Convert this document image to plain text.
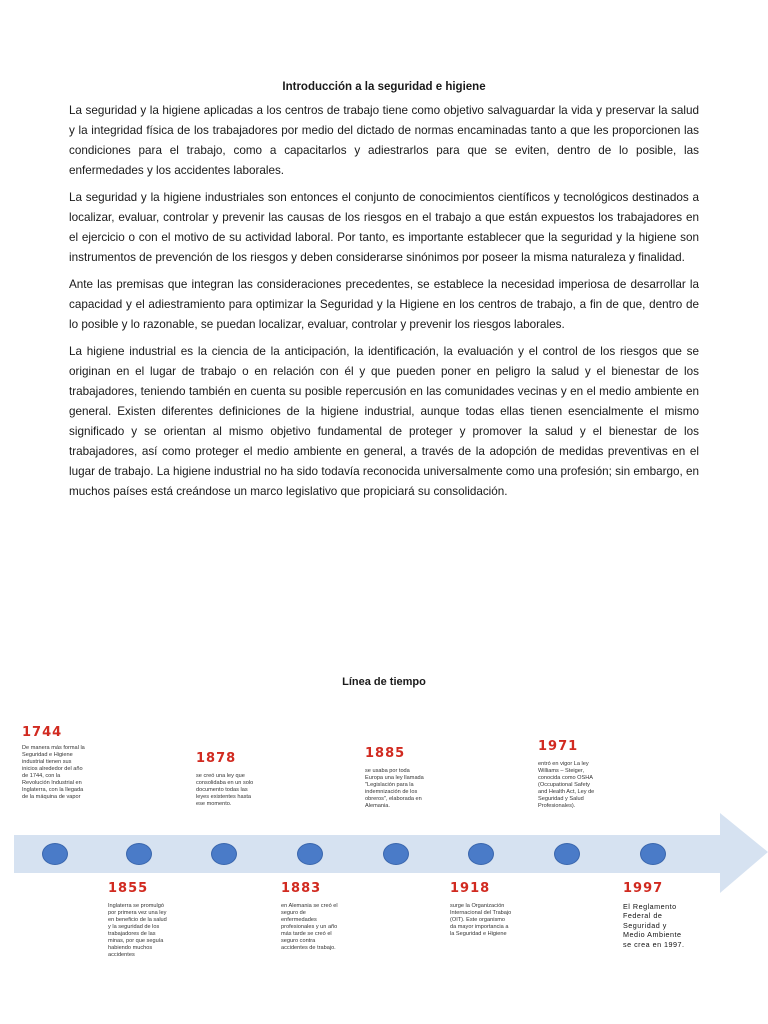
Introducción a la seguridad e higiene

La seguridad y la higiene aplicadas a los centros de trabajo tiene como objetivo salvaguardar la vida y preservar la salud y la integridad física de los trabajadores por medio del dictado de normas encaminadas tanto a que les proporcionen las condiciones para el trabajo, como a capacitarlos y adiestrarlos para que se eviten, dentro de lo posible, las enfermedades y los accidentes laborales.

La seguridad y la higiene industriales son entonces el conjunto de conocimientos científicos y tecnológicos destinados a localizar, evaluar, controlar y prevenir las causas de los riesgos en el trabajo a que están expuestos los trabajadores en el ejercicio o con el motivo de su actividad laboral. Por tanto, es importante establecer que la seguridad y la higiene son instrumentos de prevención de los riesgos y deben considerarse sinónimos por poseer la misma naturaleza y finalidad.

Ante las premisas que integran las consideraciones precedentes, se establece la necesidad imperiosa de desarrollar la capacidad y el adiestramiento para optimizar la Seguridad y la Higiene en los centros de trabajo, a fin de que, dentro de lo posible y lo razonable, se puedan localizar, evaluar, controlar y prevenir los riesgos laborales.

La higiene industrial es la ciencia de la anticipación, la identificación, la evaluación y el control de los riesgos que se originan en el lugar de trabajo o en relación con él y que pueden poner en peligro la salud y el bienestar de los trabajadores, teniendo también en cuenta su posible repercusión en las comunidades vecinas y en el medio ambiente en general. Existen diferentes definiciones de la higiene industrial, aunque todas ellas tienen esencialmente el mismo significado y se orientan al mismo objetivo fundamental de proteger y promover la salud y el bienestar de los trabajadores, así como proteger el medio ambiente en general, a través de la adopción de medidas preventivas en el lugar de trabajo. La higiene industrial no ha sido todavía reconocida universalmente como una profesión; sin embargo, en muchos países está creándose un marco legislativo que propiciará su consolidación.

Línea de tiempo
1744
De manera más formal la Seguridad e Higiene industrial tienen sus inicios alrededor del año de 1744, con la Revolución Industrial en Inglaterra, con la llegada de la máquina de vapor
1878
se creó una ley que consolidaba en un solo documento todas las leyes existentes hasta ese momento.
1885
se usaba por toda Europa una ley llamada "Legislación para la indemnización de los obreros", elaborada en Alemania.
1971
entró en vigor La ley Williams – Steiger, conocida como OSHA (Occupational Safety and Health Act, Ley de Seguridad y Salud Profesionales).
1855
Inglaterra se promulgó por primera vez una ley en beneficio de la salud y la seguridad de los trabajadores de las minas, por que seguía habiendo muchos accidentes
1883
en Alemania se creó el seguro de enfermedades profesionales y un año más tarde se creó el seguro contra accidentes de trabajo.
1918
surge la Organización Internacional del Trabajo (OIT). Este organismo da mayor importancia a la Seguridad e Higiene
1997
El Reglamento Federal de Seguridad y Medio Ambiente se crea en 1997.
